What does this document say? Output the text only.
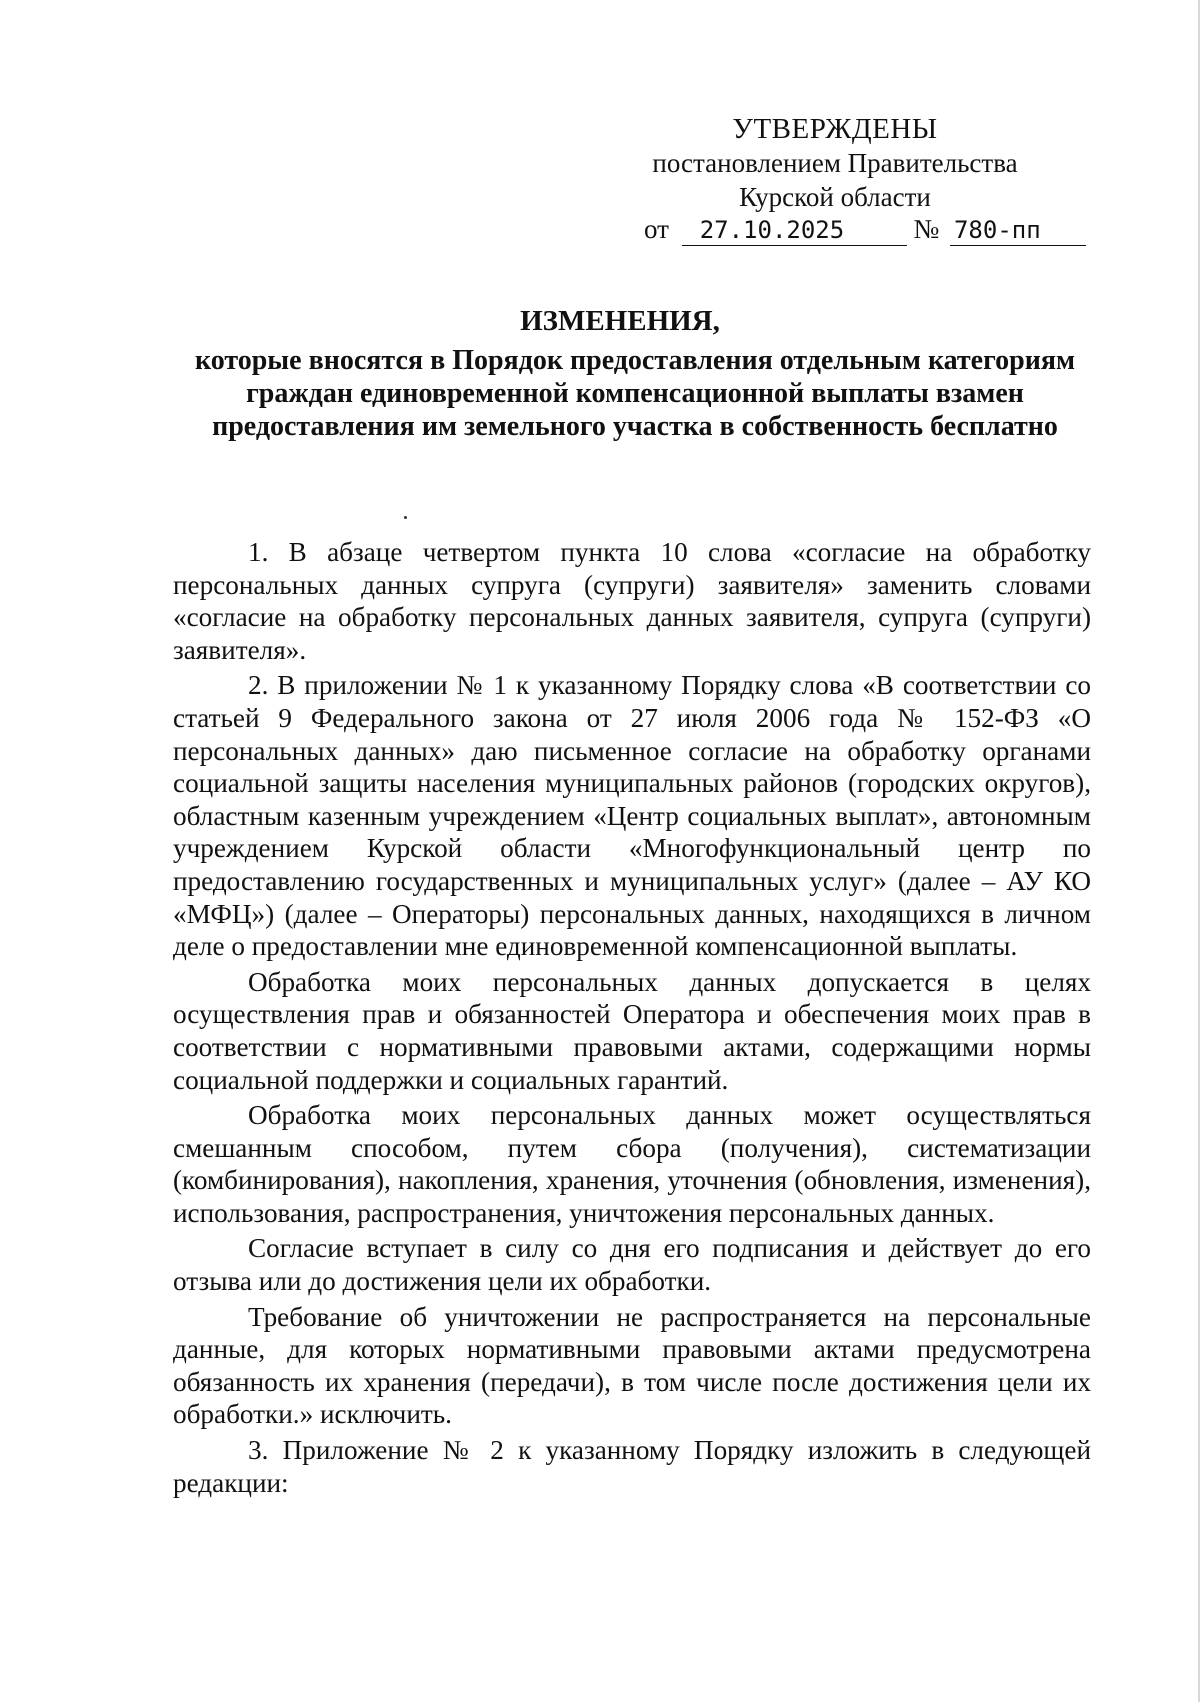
УТВЕРЖДЕНЫ
постановлением Правительства
Курской области
от 27.10.2025	№ 780-пп
ИЗМЕНЕНИЯ,
которые вносятся в Порядок предоставления отдельным категориям граждан единовременной компенсационной выплаты взамен предоставления им земельного участка в собственность бесплатно

1. В абзаце четвертом пункта 10 слова «согласие на обработку персональных данных супруга (супруги) заявителя» заменить словами «согласие на обработку персональных данных заявителя, супруга (супруги) заявителя».

2. В приложении № 1 к указанному Порядку слова «В соответствии со статьей 9 Федерального закона от 27 июля 2006 года № 152-ФЗ «О персональных данных» даю письменное согласие на обработку органами социальной защиты населения муниципальных районов (городских округов), областным казенным учреждением «Центр социальных выплат», автономным учреждением Курской области «Многофункциональный центр по предоставлению государственных и муниципальных услуг» (далее – АУ КО «МФЦ») (далее – Операторы) персональных данных, находящихся в личном деле о предоставлении мне единовременной компенсационной выплаты.

Обработка моих персональных данных допускается в целях осуществления прав и обязанностей Оператора и обеспечения моих прав в соответствии с нормативными правовыми актами, содержащими нормы социальной поддержки и социальных гарантий.

Обработка моих персональных данных может осуществляться смешанным способом, путем сбора (получения), систематизации (комбинирования), накопления, хранения, уточнения (обновления, изменения), использования, распространения, уничтожения персональных данных.

Согласие вступает в силу со дня его подписания и действует до его отзыва или до достижения цели их обработки.

Требование об уничтожении не распространяется на персональные данные, для которых нормативными правовыми актами предусмотрена обязанность их хранения (передачи), в том числе после достижения цели их обработки.» исключить.

3. Приложение № 2 к указанному Порядку изложить в следующей редакции:
